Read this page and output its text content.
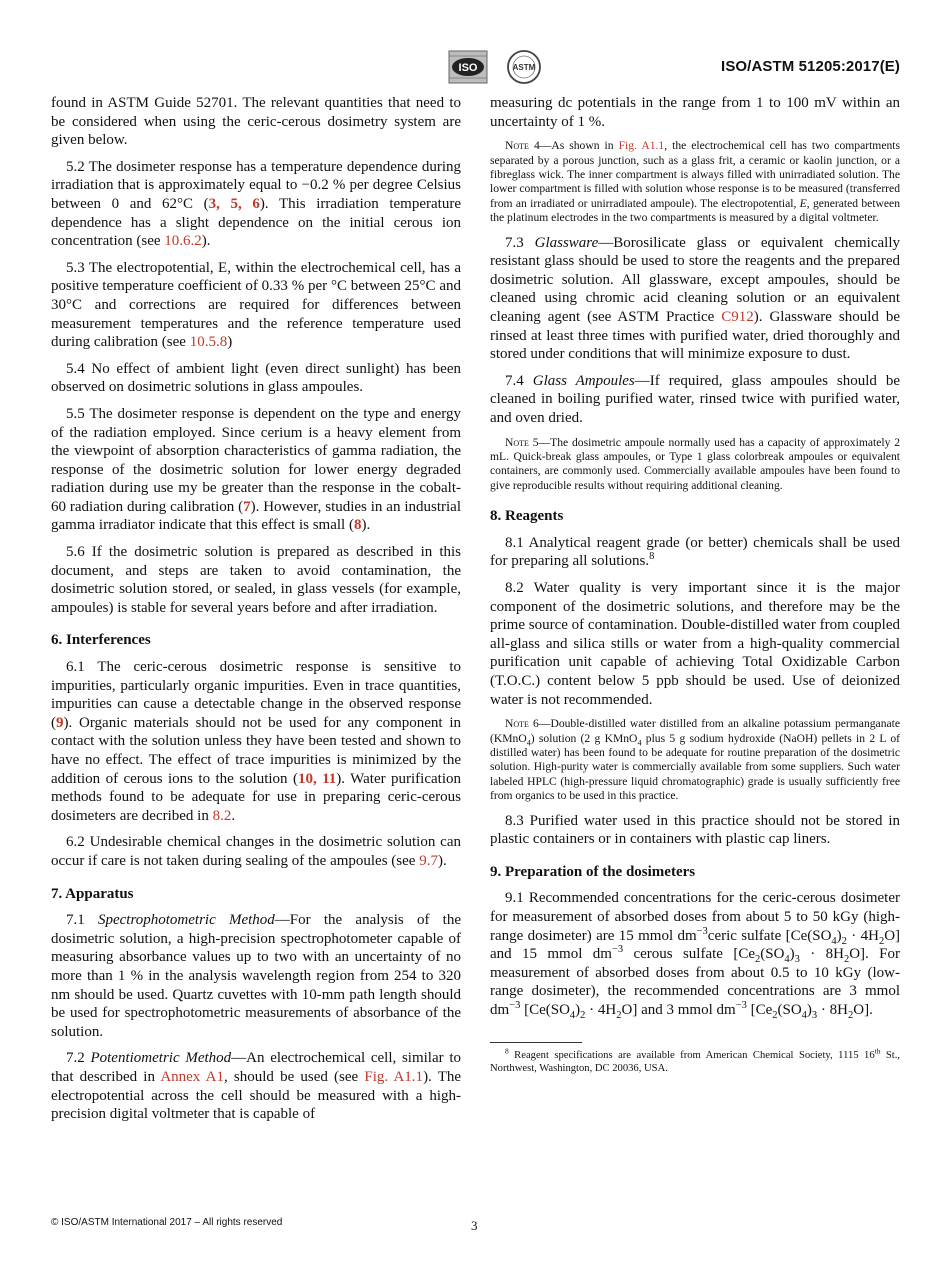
ISO	ASTM	ISO/ASTM 51205:2017(E)

found in ASTM Guide 52701. The relevant quantities that need to be considered when using the ceric-cerous dosimetry system are given below.

5.2 The dosimeter response has a temperature dependence during irradiation that is approximately equal to −0.2 % per degree Celsius between 0 and 62°C (3, 5, 6). This irradiation temperature dependence has a slight dependence on the initial cerous ion concentration (see 10.6.2).

5.3 The electropotential, E, within the electrochemical cell, has a positive temperature coefficient of 0.33 % per °C between 25°C and 30°C and corrections are required for differences between measurement temperatures and the reference temperature used during calibration (see 10.5.8)

5.4 No effect of ambient light (even direct sunlight) has been observed on dosimetric solutions in glass ampoules.

5.5 The dosimeter response is dependent on the type and energy of the radiation employed. Since cerium is a heavy element from the viewpoint of absorption characteristics of gamma radiation, the response of the dosimetric solution for lower energy degraded radiation during use my be greater than the response in the cobalt-60 radiation during calibration (7). However, studies in an industrial gamma irradiator indicate that this effect is small (8).

5.6 If the dosimetric solution is prepared as described in this document, and steps are taken to avoid contamination, the dosimetric solution stored, or sealed, in glass vessels (for example, ampoules) is stable for several years before and after irradiation.

6. Interferences

6.1 The ceric-cerous dosimetric response is sensitive to impurities, particularly organic impurities. Even in trace quantities, impurities can cause a detectable change in the observed response (9). Organic materials should not be used for any component in contact with the solution unless they have been tested and shown to have no effect. The effect of trace impurities is minimized by the addition of cerous ions to the solution (10, 11). Water purification methods found to be adequate for use in preparing ceric-cerous dosimeters are decribed in 8.2.

6.2 Undesirable chemical changes in the dosimetric solution can occur if care is not taken during sealing of the ampoules (see 9.7).

7. Apparatus

7.1 Spectrophotometric Method—For the analysis of the dosimetric solution, a high-precision spectrophotometer capable of measuring absorbance values up to two with an uncertainty of no more than 1 % in the analysis wavelength region from 254 to 320 nm should be used. Quartz cuvettes with 10-mm path length should be used for spectrophotometric measurements of absorbance of the solution.

7.2 Potentiometric Method—An electrochemical cell, similar to that described in Annex A1, should be used (see Fig. A1.1). The electropotential across the cell should be measured with a high-precision digital voltmeter that is capable of

measuring dc potentials in the range from 1 to 100 mV within an uncertainty of 1 %.

Note 4—As shown in Fig. A1.1, the electrochemical cell has two compartments separated by a porous junction, such as a glass frit, a ceramic or kaolin junction, or a fibreglass wick. The inner compartment is always filled with unirradiated solution. The lower compartment is filled with solution whose response is to be measured (transferred from an irradiated or unirradiated ampoule). The electropotential, E, generated between the platinum electrodes in the two compartments is measured by a digital voltmeter.

7.3 Glassware—Borosilicate glass or equivalent chemically resistant glass should be used to store the reagents and the prepared dosimetric solution. All glassware, except ampoules, should be cleaned using chromic acid cleaning solution or an equivalent cleaning agent (see ASTM Practice C912). Glassware should be rinsed at least three times with purified water, dried thoroughly and stored under conditions that will minimize exposure to dust.

7.4 Glass Ampoules—If required, glass ampoules should be cleaned in boiling purified water, rinsed twice with purified water, and oven dried.

Note 5—The dosimetric ampoule normally used has a capacity of approximately 2 mL. Quick-break glass ampoules, or Type 1 glass colorbreak ampoules or equivalent containers, are commonly used. Commercially available ampoules have been found to give reproducible results without requiring additional cleaning.

8. Reagents

8.1 Analytical reagent grade (or better) chemicals shall be used for preparing all solutions.$^8$

8.2 Water quality is very important since it is the major component of the dosimetric solutions, and therefore may be the prime source of contamination. Double-distilled water from coupled all-glass and silica stills or water from a high-quality commercial purification unit capable of achieving Total Oxidizable Carbon (T.O.C.) content below 5 ppb should be used. Use of deionized water is not recommended.

Note 6—Double-distilled water distilled from an alkaline potassium permanganate (KMnO$_4$) solution (2 g KMnO$_4$ plus 5 g sodium hydroxide (NaOH) pellets in 2 L of distilled water) has been found to be adequate for routine preparation of the dosimetric solution. High-purity water is commercially available from some suppliers. Such water labeled HPLC (high-pressure liquid chromatographic) grade is usually sufficiently free from organics to be used in this practice.

8.3 Purified water used in this practice should not be stored in plastic containers or in containers with plastic cap liners.

9. Preparation of the dosimeters

9.1 Recommended concentrations for the ceric-cerous dosimeter for measurement of absorbed doses from about 5 to 50 kGy (high-range dosimeter) are 15 mmol $dm^{-3}ceric$ sulfate $[Ce(SO_4)_2 \cdot 4H_2O]$ and 15 mmol $dm^{-3}$ cerous sulfate $[Ce_2(SO_4)_3 \cdot 8H_2O]$. For measurement of absorbed doses from about 0.5 to 10 kGy (low-range dosimeter), the recommended concentrations are 3 mmol $dm^{-3}$ $[Ce(SO_4)_2 \cdot 4H_2O]$ and 3 mmol $dm^{-3}$ $[Ce_2(SO_4)_3 \cdot 8H_2O]$.

$^8$ Reagent specifications are available from American Chemical Society, 1115 16th St., Northwest, Washington, DC 20036, USA.

© ISO/ASTM International 2017 – All rights reserved	3
